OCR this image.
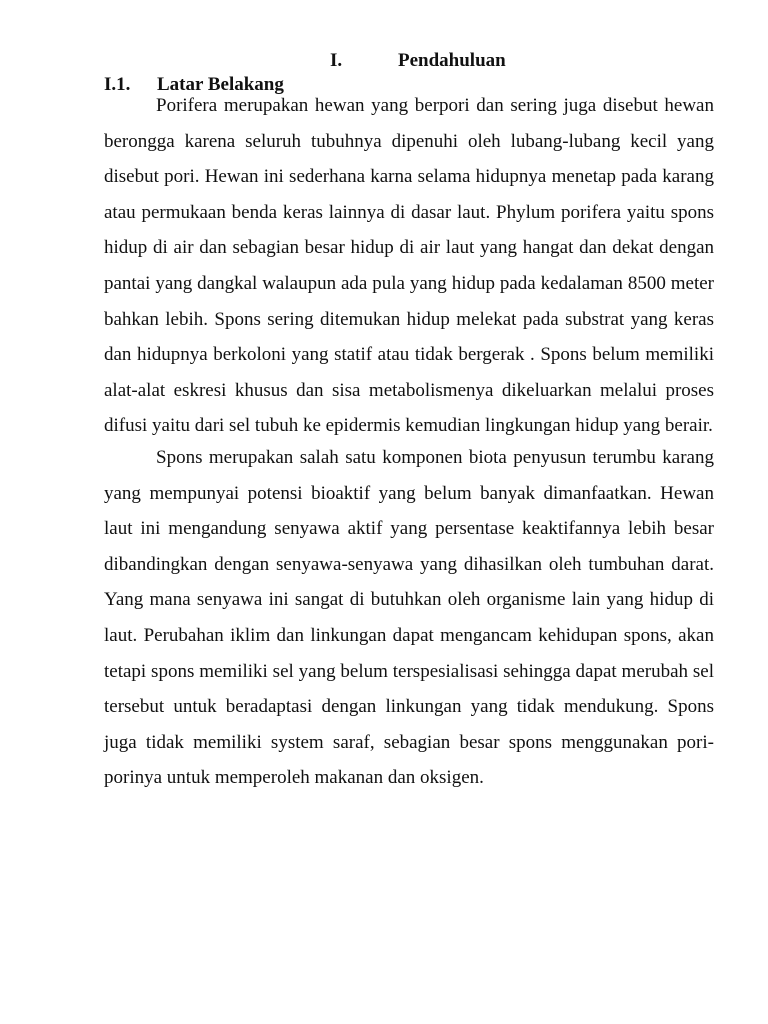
I.	Pendahuluan
I.1. Latar Belakang

Porifera merupakan hewan yang berpori dan sering juga disebut hewan berongga karena seluruh tubuhnya dipenuhi oleh lubang-lubang kecil yang disebut pori. Hewan ini sederhana karna selama hidupnya menetap pada karang atau permukaan benda keras lainnya di dasar laut. Phylum porifera yaitu spons hidup di air dan sebagian besar hidup di air laut yang hangat dan dekat dengan pantai yang dangkal walaupun ada pula yang hidup pada kedalaman 8500 meter bahkan lebih. Spons sering ditemukan hidup melekat pada substrat yang keras dan hidupnya berkoloni yang statif atau tidak bergerak . Spons belum memiliki alat-alat eskresi khusus dan sisa metabolismenya dikeluarkan melalui proses difusi yaitu dari sel tubuh ke epidermis kemudian lingkungan hidup yang berair.

Spons merupakan salah satu komponen biota penyusun terumbu karang yang mempunyai potensi bioaktif yang belum banyak dimanfaatkan. Hewan laut ini mengandung senyawa aktif yang persentase keaktifannya lebih besar dibandingkan dengan senyawa-senyawa yang dihasilkan oleh tumbuhan darat. Yang mana senyawa ini sangat di butuhkan oleh organisme lain yang hidup di laut. Perubahan iklim dan linkungan dapat mengancam kehidupan spons, akan tetapi spons memiliki sel yang belum terspesialisasi sehingga dapat merubah sel tersebut untuk beradaptasi dengan linkungan yang tidak mendukung. Spons juga tidak memiliki system saraf, sebagian besar spons menggunakan pori-porinya untuk memperoleh makanan dan oksigen.
